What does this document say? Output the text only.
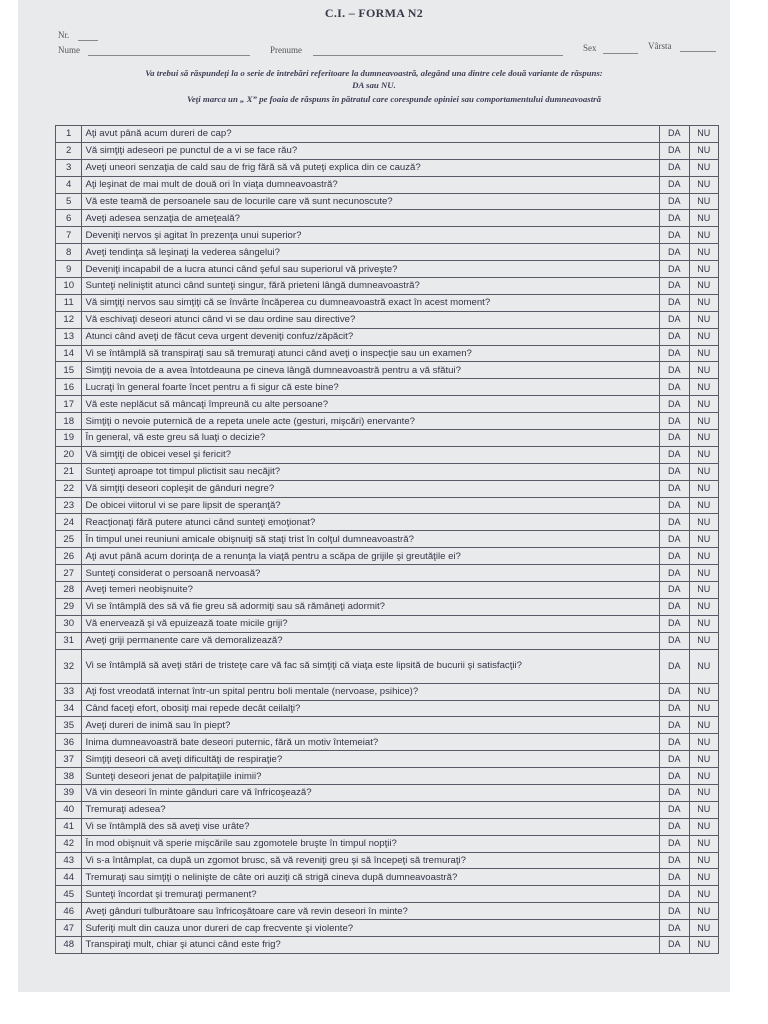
C.I. – FORMA N2
Nr.
Nume	Prenume	Sex	Vârsta
Va trebui să răspundeţi la o serie de întrebări referitoare la dumneavoastră, alegând una dintre cele două variante de răspuns:
DA sau NU.
Veţi marca un „ X” pe foaia de răspuns în pătratul care corespunde opiniei sau comportamentului dumneavoastră
1	Aţi avut până acum dureri de cap?	DA	NU
2	Vă simţiţi adeseori pe punctul de a vi se face rău?	DA	NU
3	Aveţi uneori senzaţia de cald sau de frig fără să vă puteţi explica din ce cauză?	DA	NU
4	Aţi leşinat de mai mult de două ori în viaţa dumneavoastră?	DA	NU
5	Vă este teamă de persoanele sau de locurile care vă sunt necunoscute?	DA	NU
6	Aveţi adesea senzaţia de ameţeală?	DA	NU
7	Deveniţi nervos şi agitat în prezenţa unui superior?	DA	NU
8	Aveţi tendinţa să leşinaţi la vederea sângelui?	DA	NU
9	Deveniţi incapabil de a lucra atunci când şeful sau superiorul vă priveşte?	DA	NU
10	Sunteţi neliniştit atunci când sunteţi singur, fără prieteni lângă dumneavoastră?	DA	NU
11	Vă simţiţi nervos sau simţiţi că se învârte încăperea cu dumneavoastră exact în acest moment?	DA	NU
12	Vă eschivaţi deseori atunci când vi se dau ordine sau directive?	DA	NU
13	Atunci când aveţi de făcut ceva urgent deveniţi confuz/zăpăcit?	DA	NU
14	Vi se întâmplă să transpiraţi sau să tremuraţi atunci când aveţi o inspecţie sau un examen?	DA	NU
15	Simţiţi nevoia de a avea întotdeauna pe cineva lângă dumneavoastră pentru a vă sfătui?	DA	NU
16	Lucraţi în general foarte încet pentru a fi sigur că este bine?	DA	NU
17	Vă este neplăcut să mâncaţi împreună cu alte persoane?	DA	NU
18	Simţiţi o nevoie puternică de a repeta unele acte (gesturi, mişcări) enervante?	DA	NU
19	În general, vă este greu să luaţi o decizie?	DA	NU
20	Vă simţiţi de obicei vesel şi fericit?	DA	NU
21	Sunteţi aproape tot timpul plictisit sau necăjit?	DA	NU
22	Vă simţiţi deseori copleşit de gânduri negre?	DA	NU
23	De obicei viitorul vi se pare lipsit de speranţă?	DA	NU
24	Reacţionaţi fără putere atunci când sunteţi emoţionat?	DA	NU
25	În timpul unei reuniuni amicale obişnuiţi să staţi trist în colţul dumneavoastră?	DA	NU
26	Aţi avut până acum dorinţa de a renunţa la viaţă pentru a scăpa de grijile şi greutăţile ei?	DA	NU
27	Sunteţi considerat o persoană nervoasă?	DA	NU
28	Aveţi temeri neobişnuite?	DA	NU
29	Vi se întâmplă des să vă fie greu să adormiţi sau să rămâneţi adormit?	DA	NU
30	Vă enervează şi vă epuizează toate micile griji?	DA	NU
31	Aveţi griji permanente care vă demoralizează?	DA	NU
32	Vi se întâmplă să aveţi stări de tristeţe care vă fac să simţiţi că viaţa este lipsită de bucurii şi satisfacţii?	DA	NU
33	Aţi fost vreodată internat într-un spital pentru boli mentale (nervoase, psihice)?	DA	NU
34	Când faceţi efort, obosiţi mai repede decât ceilalţi?	DA	NU
35	Aveţi dureri de inimă sau în piept?	DA	NU
36	Inima dumneavoastră bate deseori puternic, fără un motiv întemeiat?	DA	NU
37	Simţiţi deseori că aveţi dificultăţi de respiraţie?	DA	NU
38	Sunteţi deseori jenat de palpitaţiile inimii?	DA	NU
39	Vă vin deseori în minte gânduri care vă înfricoşează?	DA	NU
40	Tremuraţi adesea?	DA	NU
41	Vi se întâmplă des să aveţi vise urâte?	DA	NU
42	În mod obişnuit vă sperie mişcările sau zgomotele bruşte în timpul nopţii?	DA	NU
43	Vi s-a întâmplat, ca după un zgomot brusc, să vă reveniţi greu şi să începeţi să tremuraţi?	DA	NU
44	Tremuraţi sau simţiţi o nelinişte de câte ori auziţi că strigă cineva după dumneavoastră?	DA	NU
45	Sunteţi încordat şi tremuraţi permanent?	DA	NU
46	Aveţi gânduri tulburătoare sau înfricoşătoare care vă revin deseori în minte?	DA	NU
47	Suferiţi mult din cauza unor dureri de cap frecvente şi violente?	DA	NU
48	Transpiraţi mult, chiar şi atunci când este frig?	DA	NU
